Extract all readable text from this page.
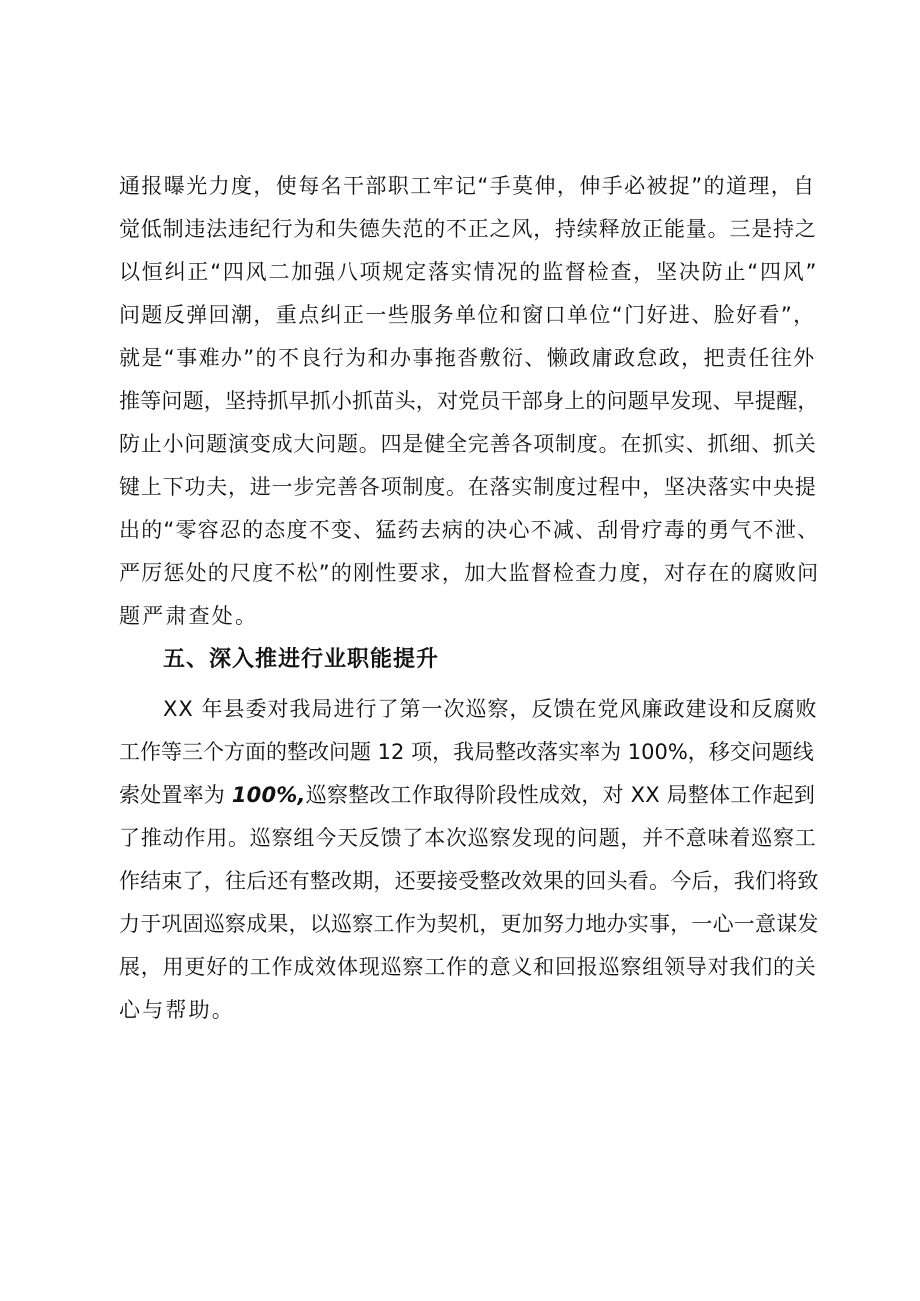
通报曝光力度，使每名干部职工牢记“手莫伸，伸手必被捉”的道理，自
觉低制违法违纪行为和失德失范的不正之风，持续释放正能量。三是持之
以恒纠正“四风二加强八项规定落实情况的监督检查，坚决防止“四风”
问题反弹回潮，重点纠正一些服务单位和窗口单位“门好进、脸好看”，
就是“事难办”的不良行为和办事拖沓敷衍、懒政庸政怠政，把责任往外
推等问题，坚持抓早抓小抓苗头，对党员干部身上的问题早发现、早提醒，
防止小问题演变成大问题。四是健全完善各项制度。在抓实、抓细、抓关
键上下功夫，进一步完善各项制度。在落实制度过程中，坚决落实中央提
出的“零容忍的态度不变、猛药去病的决心不减、刮骨疗毒的勇气不泄、
严厉惩处的尺度不松”的刚性要求，加大监督检查力度，对存在的腐败问
题严肃查处。
五、深入推进行业职能提升
XX 年县委对我局进行了第一次巡察，反馈在党风廉政建设和反腐败
工作等三个方面的整改问题 12 项，我局整改落实率为 100%，移交问题线
索处置率为 100%,巡察整改工作取得阶段性成效，对 XX 局整体工作起到
了推动作用。巡察组今天反馈了本次巡察发现的问题，并不意味着巡察工
作结束了，往后还有整改期，还要接受整改效果的回头看。今后，我们将致
力于巩固巡察成果，以巡察工作为契机，更加努力地办实事，一心一意谋发
展，用更好的工作成效体现巡察工作的意义和回报巡察组领导对我们的关
心与帮助。
